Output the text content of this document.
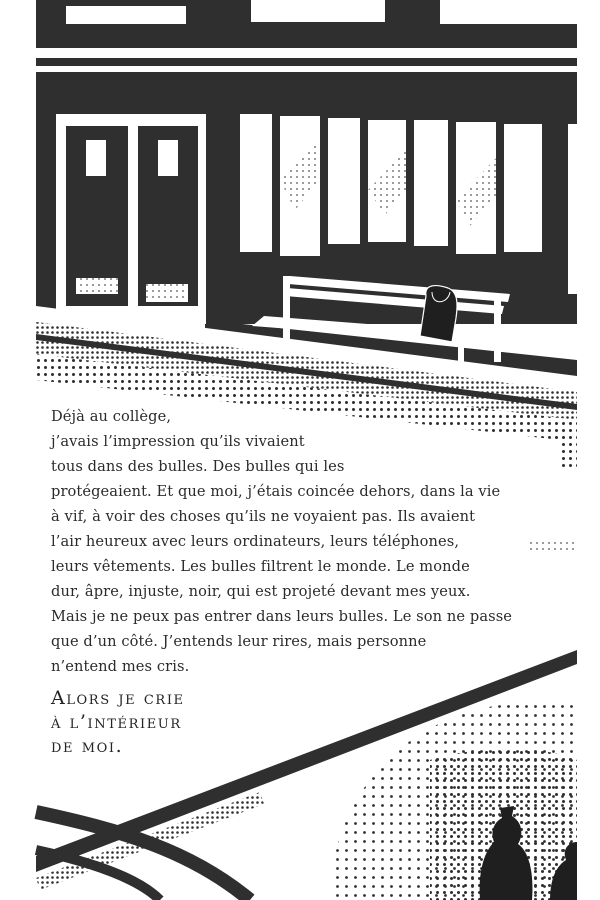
Déjà au collège,
j’avais l’impression qu’ils vivaient
tous dans des bulles. Des bulles qui les
protégeaient. Et que moi, j’étais coincée dehors, dans la vie
à vif, à voir des choses qu’ils ne voyaient pas. Ils avaient
l’air heureux avec leurs ordinateurs, leurs téléphones,
leurs vêtements. Les bulles filtrent le monde. Le monde
dur, âpre, injuste, noir, qui est projeté devant mes yeux.
Mais je ne peux pas entrer dans leurs bulles. Le son ne passe
que d’un côté. J’entends leur rires, mais personne
n’entend mes cris.
Alors je crie
à l’intérieur
de moi.
